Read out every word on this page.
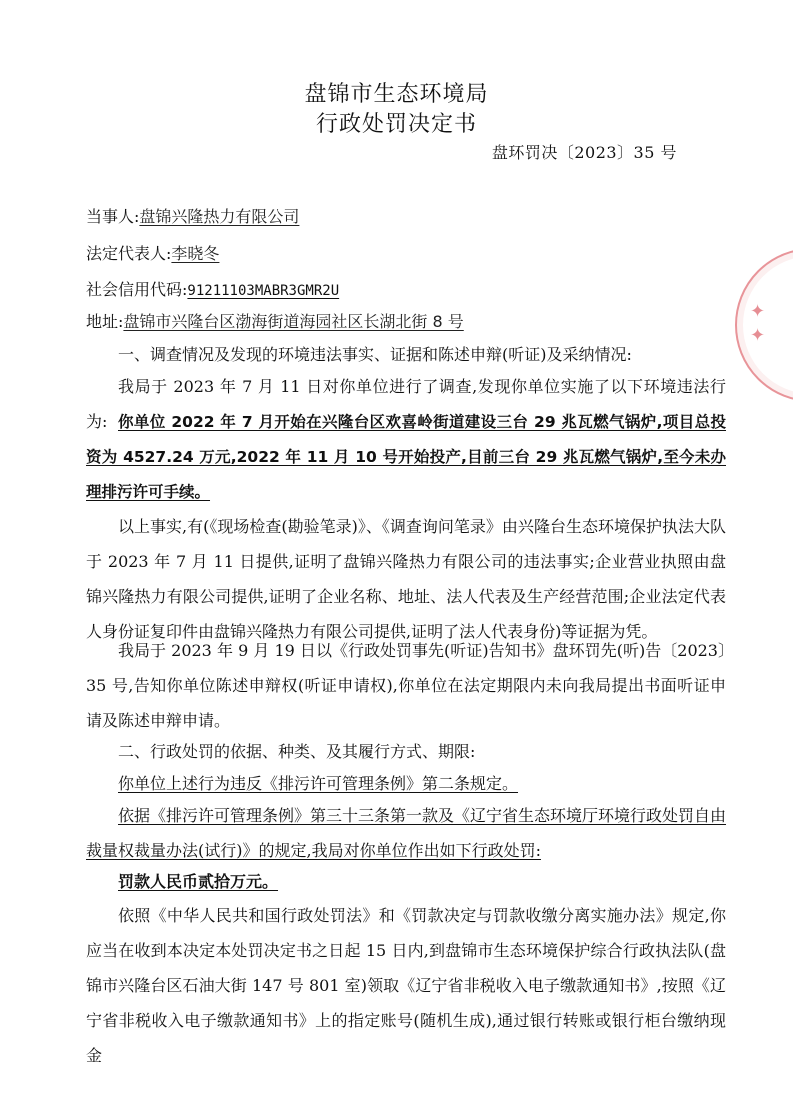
盘锦市生态环境局
行政处罚决定书
盘环罚决〔2023〕35 号
当事人:盘锦兴隆热力有限公司
法定代表人:李晓冬
社会信用代码:91211103MABR3GMR2U
地址:盘锦市兴隆台区渤海街道海园社区长湖北街 8 号
一、调查情况及发现的环境违法事实、证据和陈述申辩(听证)及采纳情况:
我局于 2023 年 7 月 11 日对你单位进行了调查,发现你单位实施了以下环境违法行为: 你单位 2022 年 7 月开始在兴隆台区欢喜岭街道建设三台 29 兆瓦燃气锅炉,项目总投资为 4527.24 万元,2022 年 11 月 10 号开始投产,目前三台 29 兆瓦燃气锅炉,至今未办理排污许可手续。
以上事实,有(《现场检查(勘验笔录)》、《调查询问笔录》由兴隆台生态环境保护执法大队于 2023 年 7 月 11 日提供,证明了盘锦兴隆热力有限公司的违法事实;企业营业执照由盘锦兴隆热力有限公司提供,证明了企业名称、地址、法人代表及生产经营范围;企业法定代表人身份证复印件由盘锦兴隆热力有限公司提供,证明了法人代表身份)等证据为凭。
我局于 2023 年 9 月 19 日以《行政处罚事先(听证)告知书》盘环罚先(听)告〔2023〕35 号,告知你单位陈述申辩权(听证申请权),你单位在法定期限内未向我局提出书面听证申请及陈述申辩申请。
二、行政处罚的依据、种类、及其履行方式、期限:
你单位上述行为违反《排污许可管理条例》第二条规定。
依据《排污许可管理条例》第三十三条第一款及《辽宁省生态环境厅环境行政处罚自由裁量权裁量办法(试行)》的规定,我局对你单位作出如下行政处罚:
罚款人民币贰拾万元。
依照《中华人民共和国行政处罚法》和《罚款决定与罚款收缴分离实施办法》规定,你应当在收到本决定本处罚决定书之日起 15 日内,到盘锦市生态环境保护综合行政执法队(盘锦市兴隆台区石油大街 147 号 801 室)领取《辽宁省非税收入电子缴款通知书》,按照《辽宁省非税收入电子缴款通知书》上的指定账号(随机生成),通过银行转账或银行柜台缴纳现金
✦
✦
